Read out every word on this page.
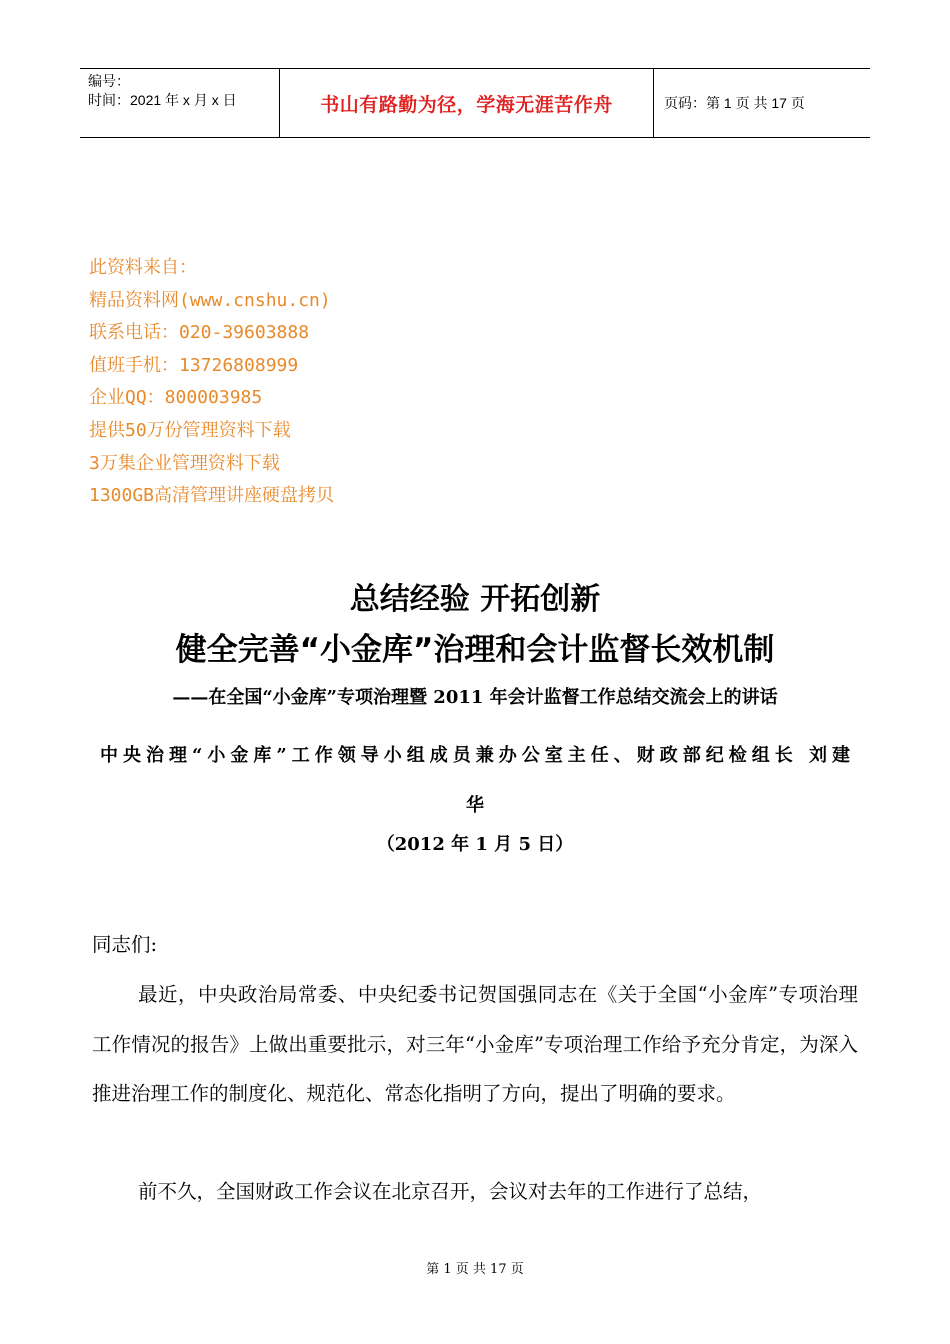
编号：
时间：2021 年 x 月 x 日	书山有路勤为径，学海无涯苦作舟	页码：第 1 页 共 17 页
此资料来自：
精品资料网(www.cnshu.cn)
联系电话：020-39603888
值班手机：13726808999
企业QQ：800003985
提供50万份管理资料下载
3万集企业管理资料下载
1300GB高清管理讲座硬盘拷贝
总结经验 开拓创新
健全完善“小金库”治理和会计监督长效机制
——在全国“小金库”专项治理暨 2011 年会计监督工作总结交流会上的讲话
中央治理“小金库”工作领导小组成员兼办公室主任、财政部纪检组长 刘建
华
（2012 年 1 月 5 日）
同志们:
最近，中央政治局常委、中央纪委书记贺国强同志在《关于全国“小金库”专项治理工作情况的报告》上做出重要批示，对三年“小金库”专项治理工作给予充分肯定，为深入推进治理工作的制度化、规范化、常态化指明了方向，提出了明确的要求。
前不久，全国财政工作会议在北京召开，会议对去年的工作进行了总结，
第 1 页 共 17 页
